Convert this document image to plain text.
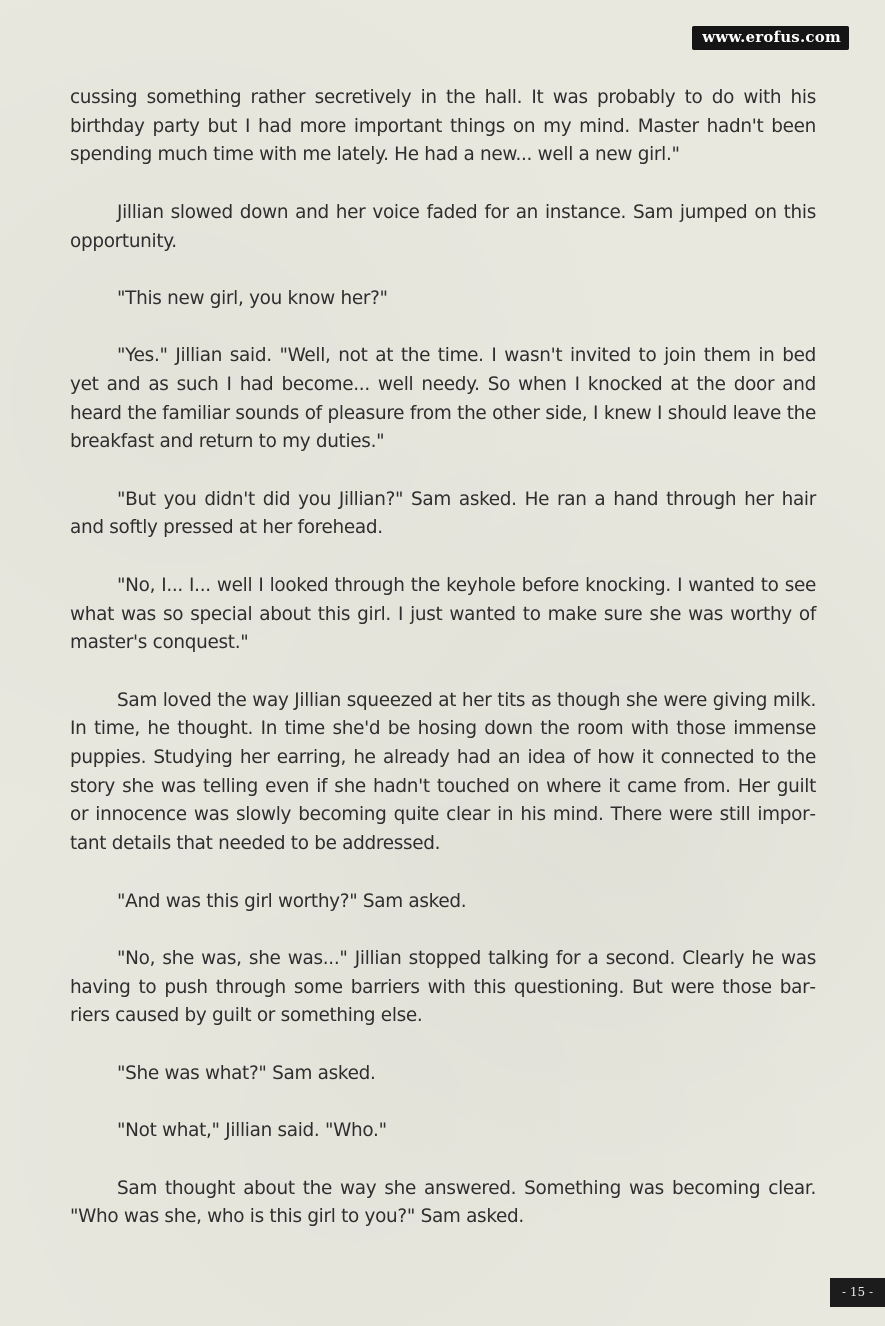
www.erofus.com

cussing something rather secretively in the hall. It was probably to do with his birthday party but I had more important things on my mind. Master hadn't been spending much time with me lately. He had a new... well a new girl."

Jillian slowed down and her voice faded for an instance. Sam jumped on this opportunity.

"This new girl, you know her?"

"Yes." Jillian said. "Well, not at the time. I wasn't invited to join them in bed yet and as such I had become... well needy. So when I knocked at the door and heard the familiar sounds of pleasure from the other side, I knew I should leave the breakfast and return to my duties."

"But you didn't did you Jillian?" Sam asked. He ran a hand through her hair and softly pressed at her forehead.

"No, I... I... well I looked through the keyhole before knocking. I wanted to see what was so special about this girl. I just wanted to make sure she was worthy of master's conquest."

Sam loved the way Jillian squeezed at her tits as though she were giving milk. In time, he thought. In time she'd be hosing down the room with those immense puppies. Studying her earring, he already had an idea of how it connected to the story she was telling even if she hadn't touched on where it came from. Her guilt or innocence was slowly becoming quite clear in his mind. There were still important details that needed to be addressed.

"And was this girl worthy?" Sam asked.

"No, she was, she was..." Jillian stopped talking for a second. Clearly he was having to push through some barriers with this questioning. But were those barriers caused by guilt or something else.

"She was what?" Sam asked.

"Not what," Jillian said. "Who."

Sam thought about the way she answered. Something was becoming clear. "Who was she, who is this girl to you?" Sam asked.

- 15 -
